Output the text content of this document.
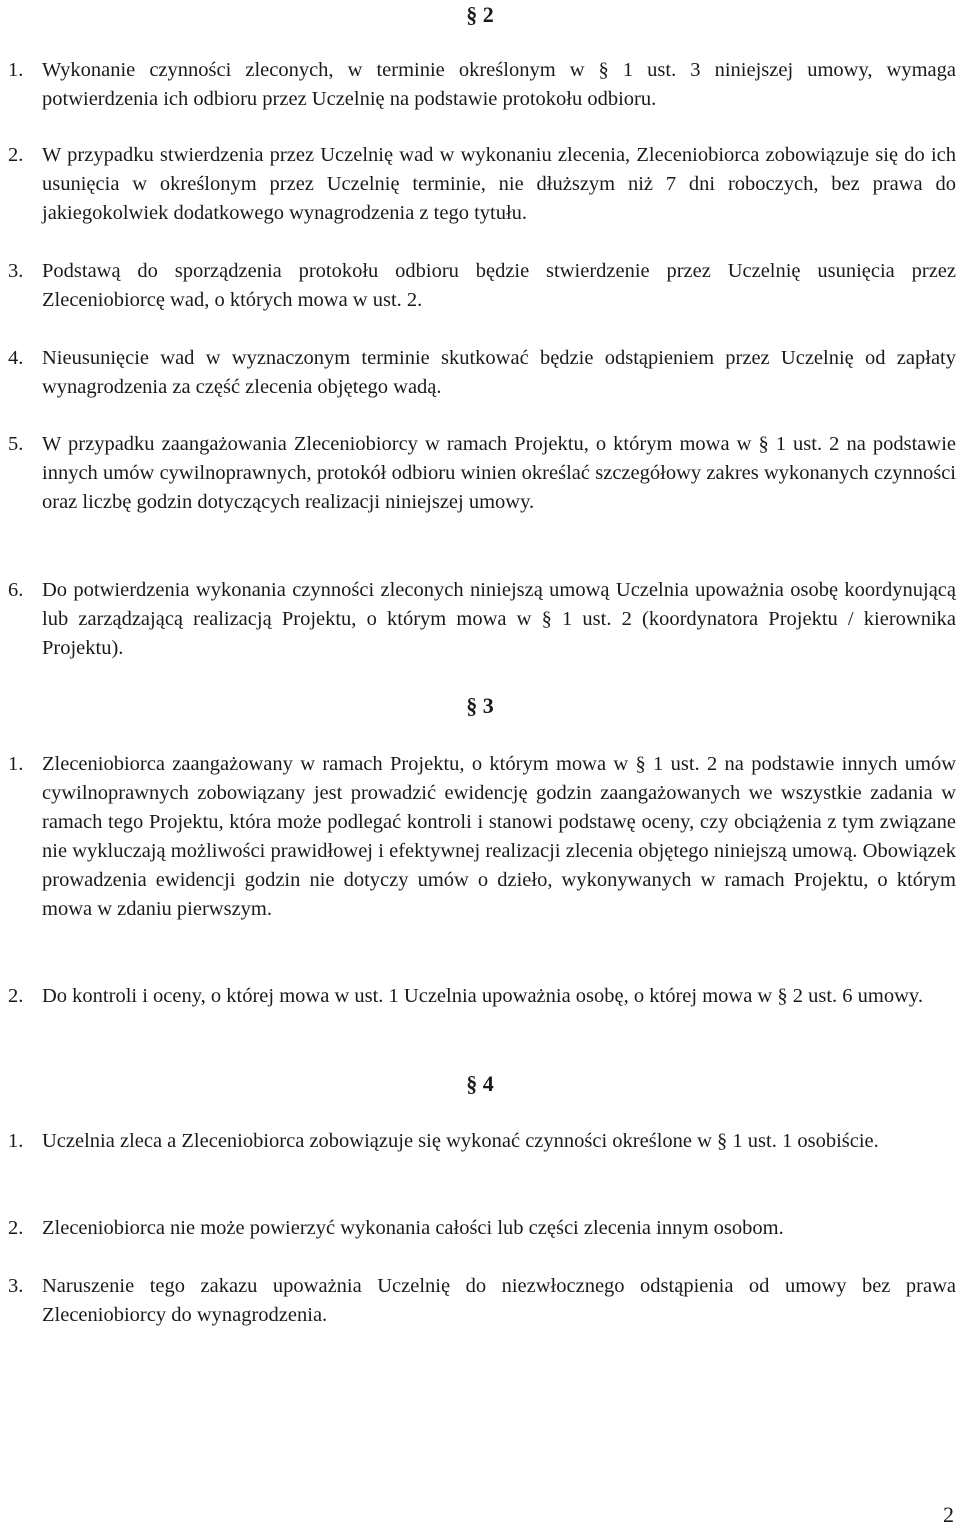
§ 2
1. Wykonanie czynności zleconych, w terminie określonym w § 1 ust. 3 niniejszej umowy, wymaga potwierdzenia ich odbioru przez Uczelnię na podstawie protokołu odbioru.
2. W przypadku stwierdzenia przez Uczelnię wad w wykonaniu zlecenia, Zleceniobiorca zobowiązuje się do ich usunięcia w określonym przez Uczelnię terminie, nie dłuższym niż 7 dni roboczych, bez prawa do jakiegokolwiek dodatkowego wynagrodzenia z tego tytułu.
3. Podstawą do sporządzenia protokołu odbioru będzie stwierdzenie przez Uczelnię usunięcia przez Zleceniobiorcę wad, o których mowa w ust. 2.
4. Nieusunięcie wad w wyznaczonym terminie skutkować będzie odstąpieniem przez Uczelnię od zapłaty wynagrodzenia za część zlecenia objętego wadą.
5. W przypadku zaangażowania Zleceniobiorcy w ramach Projektu, o którym mowa w § 1 ust. 2 na podstawie innych umów cywilnoprawnych, protokół odbioru winien określać szczegółowy zakres wykonanych czynności oraz liczbę godzin dotyczących realizacji niniejszej umowy.
6. Do potwierdzenia wykonania czynności zleconych niniejszą umową Uczelnia upoważnia osobę koordynującą lub zarządzającą realizacją Projektu, o którym mowa w § 1 ust. 2 (koordynatora Projektu / kierownika Projektu).
§ 3
1. Zleceniobiorca zaangażowany w ramach Projektu, o którym mowa w § 1 ust. 2 na podstawie innych umów cywilnoprawnych zobowiązany jest prowadzić ewidencję godzin zaangażowanych we wszystkie zadania w ramach tego Projektu, która może podlegać kontroli i stanowi podstawę oceny, czy obciążenia z tym związane nie wykluczają możliwości prawidłowej i efektywnej realizacji zlecenia objętego niniejszą umową. Obowiązek prowadzenia ewidencji godzin nie dotyczy umów o dzieło, wykonywanych w ramach Projektu, o którym mowa w zdaniu pierwszym.
2. Do kontroli i oceny, o której mowa w ust. 1 Uczelnia upoważnia osobę, o której mowa w § 2 ust. 6 umowy.
§ 4
1. Uczelnia zleca a Zleceniobiorca zobowiązuje się wykonać czynności określone w § 1 ust. 1 osobiście.
2. Zleceniobiorca nie może powierzyć wykonania całości lub części zlecenia innym osobom.
3. Naruszenie tego zakazu upoważnia Uczelnię do niezwłocznego odstąpienia od umowy bez prawa Zleceniobiorcy do wynagrodzenia.
2
